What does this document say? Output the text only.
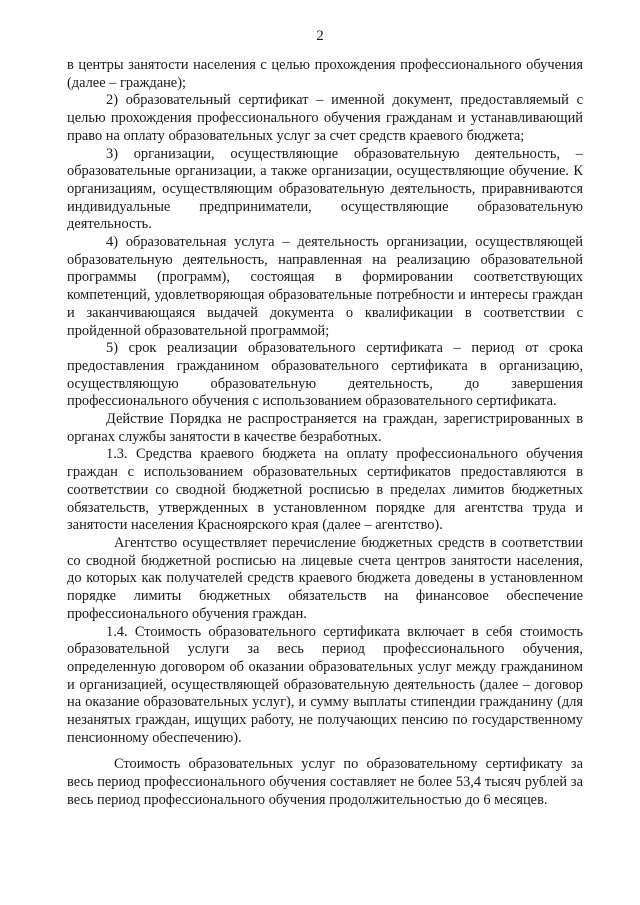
2

в центры занятости населения с целью прохождения профессионального обучения (далее – граждане);

2) образовательный сертификат – именной документ, предоставляемый с целью прохождения профессионального обучения гражданам и устанавливающий право на оплату образовательных услуг за счет средств краевого бюджета;

3) организации, осуществляющие образовательную деятельность, – образовательные организации, а также организации, осуществляющие обучение. К организациям, осуществляющим образовательную деятельность, приравниваются индивидуальные предприниматели, осуществляющие образовательную деятельность.

4) образовательная услуга – деятельность организации, осуществляющей образовательную деятельность, направленная на реализацию образовательной программы (программ), состоящая в формировании соответствующих компетенций, удовлетворяющая образовательные потребности и интересы граждан и заканчивающаяся выдачей документа о квалификации в соответствии с пройденной образовательной программой;

5) срок реализации образовательного сертификата – период от срока предоставления гражданином образовательного сертификата в организацию, осуществляющую образовательную деятельность, до завершения профессионального обучения с использованием образовательного сертификата.

Действие Порядка не распространяется на граждан, зарегистрированных в органах службы занятости в качестве безработных.

1.3. Средства краевого бюджета на оплату профессионального обучения граждан с использованием образовательных сертификатов предоставляются в соответствии со сводной бюджетной росписью в пределах лимитов бюджетных обязательств, утвержденных в установленном порядке для агентства труда и занятости населения Красноярского края (далее – агентство).

Агентство осуществляет перечисление бюджетных средств в соответствии со сводной бюджетной росписью на лицевые счета центров занятости населения, до которых как получателей средств краевого бюджета доведены в установленном порядке лимиты бюджетных обязательств на финансовое обеспечение профессионального обучения граждан.

1.4. Стоимость образовательного сертификата включает в себя стоимость образовательной услуги за весь период профессионального обучения, определенную договором об оказании образовательных услуг между гражданином и организацией, осуществляющей образовательную деятельность (далее – договор на оказание образовательных услуг), и сумму выплаты стипендии гражданину (для незанятых граждан, ищущих работу, не получающих пенсию по государственному пенсионному обеспечению).

Стоимость образовательных услуг по образовательному сертификату за весь период профессионального обучения составляет не более 53,4 тысяч рублей за весь период профессионального обучения продолжительностью до 6 месяцев.
